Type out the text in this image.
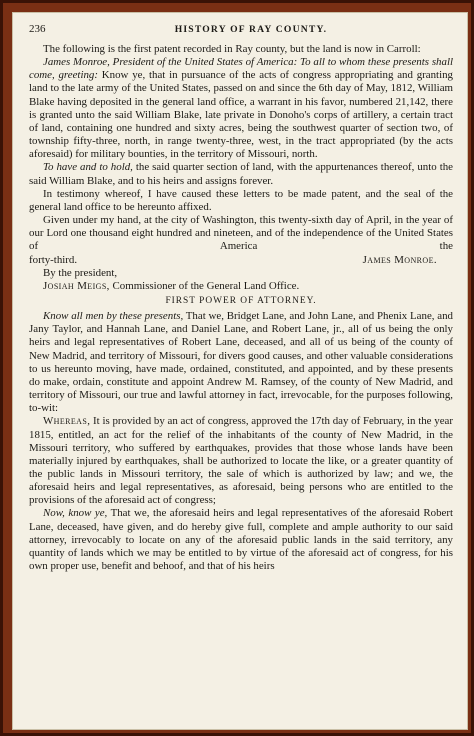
236	HISTORY OF RAY COUNTY.

The following is the first patent recorded in Ray county, but the land is now in Carroll:

James Monroe, President of the United States of America: To all to whom these presents shall come, greeting: Know ye, that in pursuance of the acts of congress appropriating and granting land to the late army of the United States, passed on and since the 6th day of May, 1812, William Blake having deposited in the general land office, a warrant in his favor, numbered 21,142, there is granted unto the said William Blake, late private in Donoho's corps of artillery, a certain tract of land, containing one hundred and sixty acres, being the southwest quarter of section two, of township fifty-three, north, in range twenty-three, west, in the tract appropriated (by the acts aforesaid) for military bounties, in the territory of Missouri, north.

To have and to hold, the said quarter section of land, with the appurtenances thereof, unto the said William Blake, and to his heirs and assigns forever.

In testimony whereof, I have caused these letters to be made patent, and the seal of the general land office to be hereunto affixed.

Given under my hand, at the city of Washington, this twenty-sixth day of April, in the year of our Lord one thousand eight hundred and nineteen, and of the independence of the United States of America the

forty-third.	James Monroe.

By the president,

Josiah Meigs, Commissioner of the General Land Office.

FIRST POWER OF ATTORNEY.

Know all men by these presents, That we, Bridget Lane, and John Lane, and Phenix Lane, and Jany Taylor, and Hannah Lane, and Daniel Lane, and Robert Lane, jr., all of us being the only heirs and legal representatives of Robert Lane, deceased, and all of us being of the county of New Madrid, and territory of Missouri, for divers good causes, and other valuable considerations to us hereunto moving, have made, ordained, constituted, and appointed, and by these presents do make, ordain, constitute and appoint Andrew M. Ramsey, of the county of New Madrid, and territory of Missouri, our true and lawful attorney in fact, irrevocable, for the purposes following, to-wit:

Whereas, It is provided by an act of congress, approved the 17th day of February, in the year 1815, entitled, an act for the relief of the inhabitants of the county of New Madrid, in the Missouri territory, who suffered by earthquakes, provides that those whose lands have been materially injured by earthquakes, shall be authorized to locate the like, or a greater quantity of the public lands in Missouri territory, the sale of which is authorized by law; and we, the aforesaid heirs and legal representatives, as aforesaid, being persons who are entitled to the provisions of the aforesaid act of congress;

Now, know ye, That we, the aforesaid heirs and legal representatives of the aforesaid Robert Lane, deceased, have given, and do hereby give full, complete and ample authority to our said attorney, irrevocably to locate on any of the aforesaid public lands in the said territory, any quantity of lands which we may be entitled to by virtue of the aforesaid act of congress, for his own proper use, benefit and behoof, and that of his heirs
